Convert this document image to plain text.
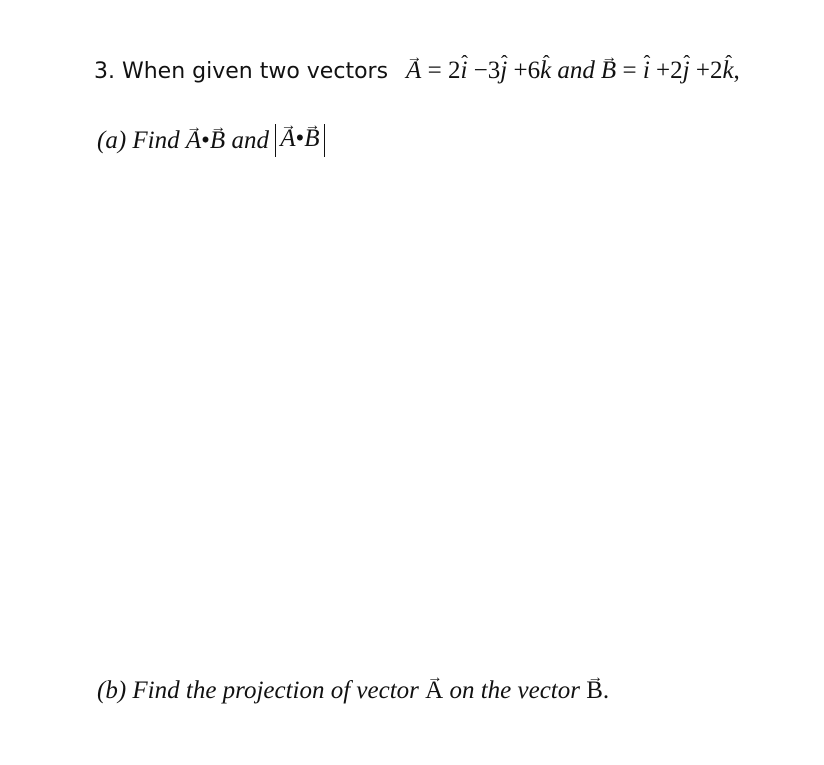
3. When given two vectors → A = 2ˆ i −3ˆ j +6ˆ k and → B = ˆ i +2ˆ j +2ˆ k,
(a) Find → A•→ B and → A•→ B
(b) Find the projection of vector → A on the vector → B.
